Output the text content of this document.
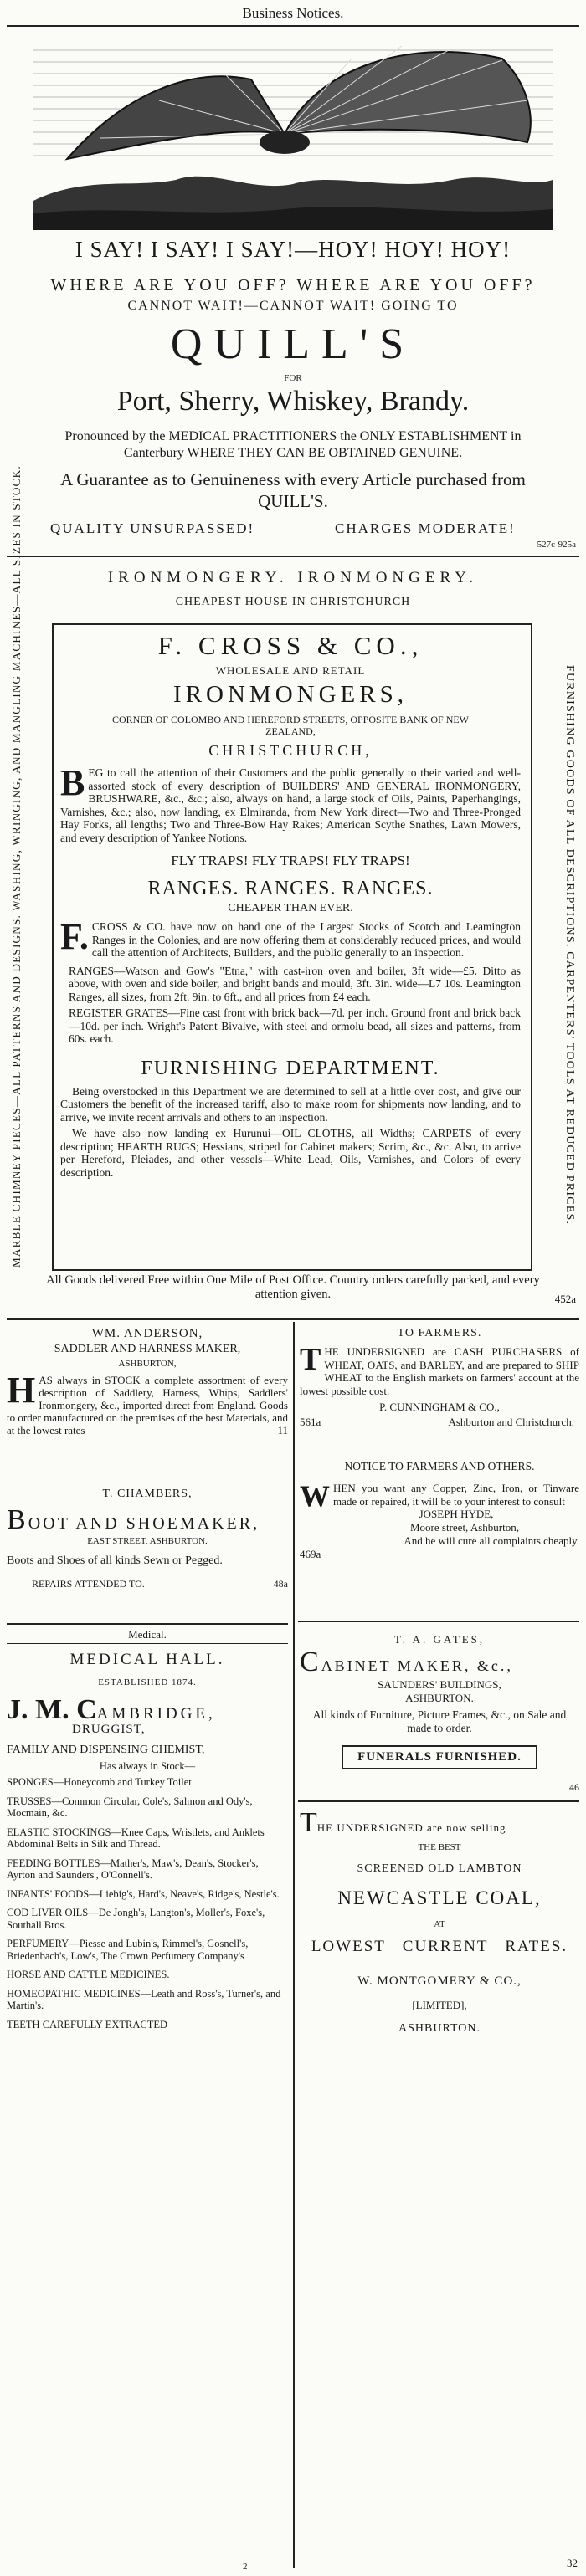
Business Notices.
I SAY! I SAY! I SAY!—HOY! HOY! HOY!
WHERE ARE YOU OFF? WHERE ARE YOU OFF?
CANNOT WAIT!—CANNOT WAIT! GOING TO
QUILL'S
FOR
Port, Sherry, Whiskey, Brandy.
Pronounced by the MEDICAL PRACTITIONERS the ONLY ESTABLISHMENT in Canterbury WHERE THEY CAN BE OBTAINED GENUINE.
A Guarantee as to Genuineness with every Article purchased from QUILL'S.
QUALITY UNSURPASSED!	CHARGES MODERATE!
527c-925a
IRONMONGERY. IRONMONGERY.
CHEAPEST HOUSE IN CHRISTCHURCH
MARBLE CHIMNEY PIECES—ALL PATTERNS AND DESIGNS. WASHING, WRINGING, AND MANGLING MACHINES—ALL SIZES IN STOCK.	FURNISHING GOODS OF ALL DESCRIPTIONS. CARPENTERS' TOOLS AT REDUCED PRICES.
F. CROSS & CO.,
WHOLESALE AND RETAIL
IRONMONGERS,
CORNER OF COLOMBO AND HEREFORD STREETS, OPPOSITE BANK OF NEW ZEALAND,
CHRISTCHURCH,
BEG to call the attention of their Customers and the public generally to their varied and well-assorted stock of every description of BUILDERS' AND GENERAL IRONMONGERY, BRUSHWARE, &c., &c.; also, always on hand, a large stock of Oils, Paints, Paperhangings, Varnishes, &c.; also, now landing, ex Elmiranda, from New York direct—Two and Three-Pronged Hay Forks, all lengths; Two and Three-Bow Hay Rakes; American Scythe Snathes, Lawn Mowers, and every description of Yankee Notions.
FLY TRAPS! FLY TRAPS! FLY TRAPS!
RANGES. RANGES. RANGES.
CHEAPER THAN EVER.
F. CROSS & CO. have now on hand one of the Largest Stocks of Scotch and Leamington Ranges in the Colonies, and are now offering them at considerably reduced prices, and would call the attention of Architects, Builders, and the public generally to an inspection.
RANGES—Watson and Gow's "Etna," with cast-iron oven and boiler, 3ft wide—£5. Ditto as above, with oven and side boiler, and bright bands and mould, 3ft. 3in. wide—L7 10s. Leamington Ranges, all sizes, from 2ft. 9in. to 6ft., and all prices from £4 each.
REGISTER GRATES—Fine cast front with brick back—7d. per inch. Ground front and brick back—10d. per inch. Wright's Patent Bivalve, with steel and ormolu bead, all sizes and patterns, from 60s. each.
FURNISHING DEPARTMENT.
Being overstocked in this Department we are determined to sell at a little over cost, and give our Customers the benefit of the increased tariff, also to make room for shipments now landing, and to arrive, we invite recent arrivals and others to an inspection.
We have also now landing ex Hurunui—OIL CLOTHS, all Widths; CARPETS of every description; HEARTH RUGS; Hessians, striped for Cabinet makers; Scrim, &c., &c. Also, to arrive per Hereford, Pleiades, and other vessels—White Lead, Oils, Varnishes, and Colors of every description.
All Goods delivered Free within One Mile of Post Office. Country orders carefully packed, and every attention given.	452a
WM. ANDERSON,
SADDLER AND HARNESS MAKER,
ASHBURTON,
HAS always in STOCK a complete assortment of every description of Saddlery, Harness, Whips, Saddlers' Ironmongery, &c., imported direct from England. Goods to order manufactured on the premises of the best Materials, and at the lowest rates	11
T. CHAMBERS,
BOOT AND SHOEMAKER,
EAST STREET, ASHBURTON.
Boots and Shoes of all kinds Sewn or Pegged.
REPAIRS ATTENDED TO.	48a
Medical.
MEDICAL HALL.
ESTABLISHED 1874.
J. M. CAMBRIDGE,
DRUGGIST,
FAMILY AND DISPENSING CHEMIST,
Has always in Stock—
SPONGES—Honeycomb and Turkey Toilet
TRUSSES—Common Circular, Cole's, Salmon and Ody's, Mocmain, &c.
ELASTIC STOCKINGS—Knee Caps, Wristlets, and Anklets Abdominal Belts in Silk and Thread.
FEEDING BOTTLES—Mather's, Maw's, Dean's, Stocker's, Ayrton and Saunders', O'Connell's.
INFANTS' FOODS—Liebig's, Hard's, Neave's, Ridge's, Nestle's.
COD LIVER OILS—De Jongh's, Langton's, Moller's, Foxe's, Southall Bros.
PERFUMERY—Piesse and Lubin's, Rimmel's, Gosnell's, Briedenbach's, Low's, The Crown Perfumery Company's
HORSE AND CATTLE MEDICINES.
HOMEOPATHIC MEDICINES—Leath and Ross's, Turner's, and Martin's.
TEETH CAREFULLY EXTRACTED
2
TO FARMERS.
THE UNDERSIGNED are CASH PURCHASERS of WHEAT, OATS, and BARLEY, and are prepared to SHIP WHEAT to the English markets on farmers' account at the lowest possible cost.
P. CUNNINGHAM & CO.,
561a	Ashburton and Christchurch.
NOTICE TO FARMERS AND OTHERS.
WHEN you want any Copper, Zinc, Iron, or Tinware made or repaired, it will be to your interest to consult
JOSEPH HYDE,
Moore street, Ashburton,
And he will cure all complaints cheaply.
469a
T. A. GATES,
CABINET MAKER, &c.,
SAUNDERS' BUILDINGS,
ASHBURTON.
All kinds of Furniture, Picture Frames, &c., on Sale and made to order.
FUNERALS FURNISHED.
46
THE UNDERSIGNED are now selling
THE BEST
SCREENED OLD LAMBTON
NEWCASTLE COAL,
AT
LOWEST   CURRENT   RATES.
W. MONTGOMERY & CO.,
[LIMITED],
ASHBURTON.
32
